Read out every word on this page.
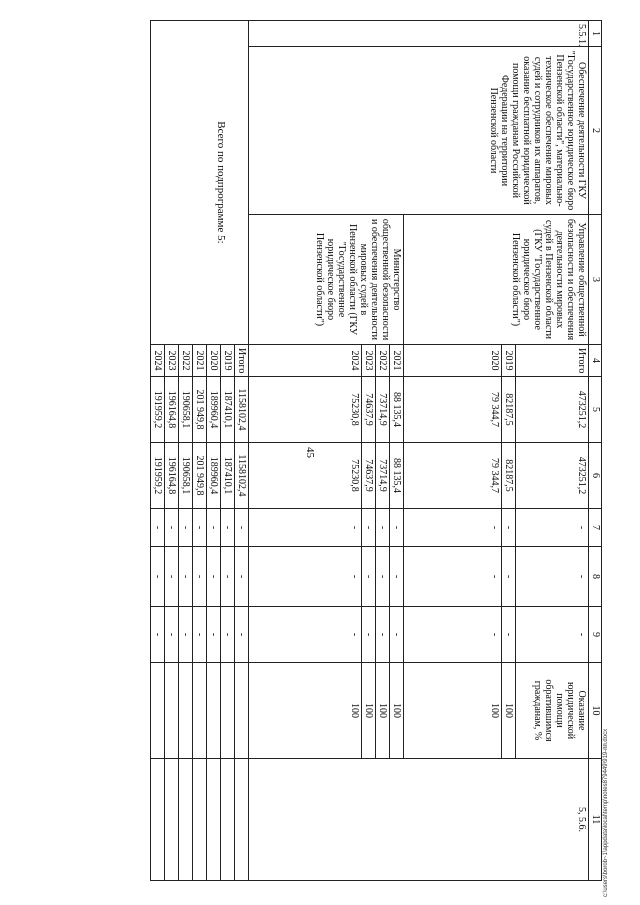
45
1	2	3	4	5	6	7	8	9	10	11
5.5.1.	Обеспечение деятельности ГКУ "Государственное юридическое бюро Пензенской области", материально-техническое обеспечение мировых судей и сотрудников их аппаратов, оказание бесплатной юридической помощи гражданам Российской Федерации на территории Пензенской области	Управление общественной безопасности и обеспечения деятельности мировых судей в Пензенской области (ГКУ "Государственное юридическое бюро Пензенской области")	Итого	473251,2	473251,2	-	-	-	Оказание юридической помощи обратившимся гражданам, %	5, 5.6.
			2019	82187,5	82187,5	-	-	-	100	
			2020	79 344,7	79 344,7	-	-	-	100	
		Министерство общественной безопасности и обеспечения деятельности мировых судей в Пензенской области (ГКУ "Государственное юридическое бюро Пензенской области")	2021	88 135,4	88 135,4	-	-	-	100	
			2022	73714,9	73714,9	-	-	-	100	
			2023	74637,9	74637,9	-	-	-	100	
			2024	75230,8	75230,8	-	-	-	100	
Всего по подпрограмме 5:			Итого	1158102,4	1158102,4	-	-	-		
			2019	187410,1	187410,1	-	-	-		
			2020	189960,4	189960,4	-	-	-		
			2021	201 949,8	201 949,8	-	-	-		
			2022	190658,1	190658,1	-	-	-		
			2023	196164,8	196164,8	-	-	-		
			2024	191959,2	191959,2	-	-	-		
c:\users\borob~1\appdata\local\temp\notes879449\919-пп.docx
